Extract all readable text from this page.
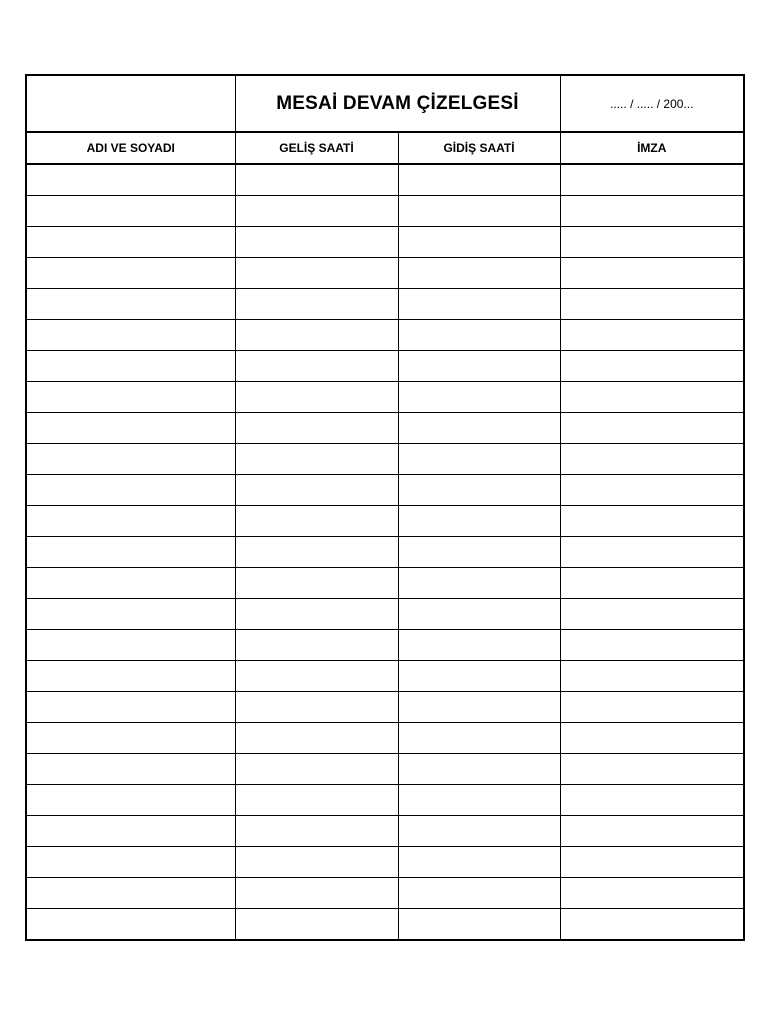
	MESAİ DEVAM ÇİZELGESİ		..... / ..... / 200...
ADI VE SOYADI	GELİŞ SAATİ	GİDİŞ SAATİ	İMZA
